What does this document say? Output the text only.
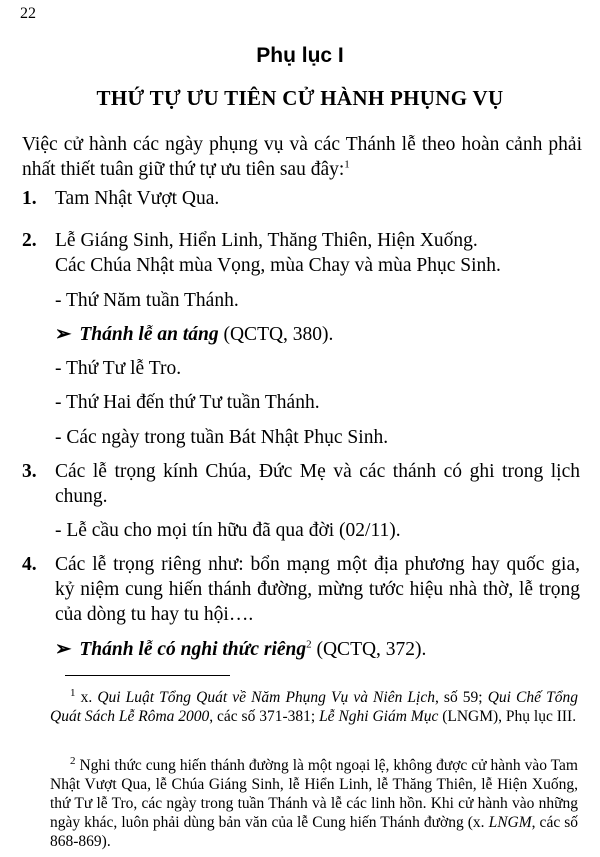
22
Phụ lục I
THỨ TỰ ƯU TIÊN CỬ HÀNH PHỤNG VỤ
Việc cử hành các ngày phụng vụ và các Thánh lễ theo hoàn cảnh phải nhất thiết tuân giữ thứ tự ưu tiên sau đây:$^1$
1. Tam Nhật Vượt Qua.
2. Lễ Giáng Sinh, Hiển Linh, Thăng Thiên, Hiện Xuống.
Các Chúa Nhật mùa Vọng, mùa Chay và mùa Phục Sinh.
- Thứ Năm tuần Thánh.
➢ Thánh lễ an táng (QCTQ, 380).
- Thứ Tư lễ Tro.
- Thứ Hai đến thứ Tư tuần Thánh.
- Các ngày trong tuần Bát Nhật Phục Sinh.
3. Các lễ trọng kính Chúa, Đức Mẹ và các thánh có ghi trong lịch chung.
- Lễ cầu cho mọi tín hữu đã qua đời (02/11).
4. Các lễ trọng riêng như: bổn mạng một địa phương hay quốc gia, kỷ niệm cung hiến thánh đường, mừng tước hiệu nhà thờ, lễ trọng của dòng tu hay tu hội….
➢ Thánh lễ có nghi thức riêng$^2$ (QCTQ, 372).
$^1$ x. Qui Luật Tổng Quát về Năm Phụng Vụ và Niên Lịch, số 59; Qui Chế Tổng Quát Sách Lễ Rôma 2000, các số 371-381; Lễ Nghi Giám Mục (LNGM), Phụ lục III.
$^2$ Nghi thức cung hiến thánh đường là một ngoại lệ, không được cử hành vào Tam Nhật Vượt Qua, lễ Chúa Giáng Sinh, lễ Hiển Linh, lễ Thăng Thiên, lễ Hiện Xuống, thứ Tư lễ Tro, các ngày trong tuần Thánh và lễ các linh hồn. Khi cử hành vào những ngày khác, luôn phải dùng bản văn của lễ Cung hiến Thánh đường (x. LNGM, các số 868-869).
